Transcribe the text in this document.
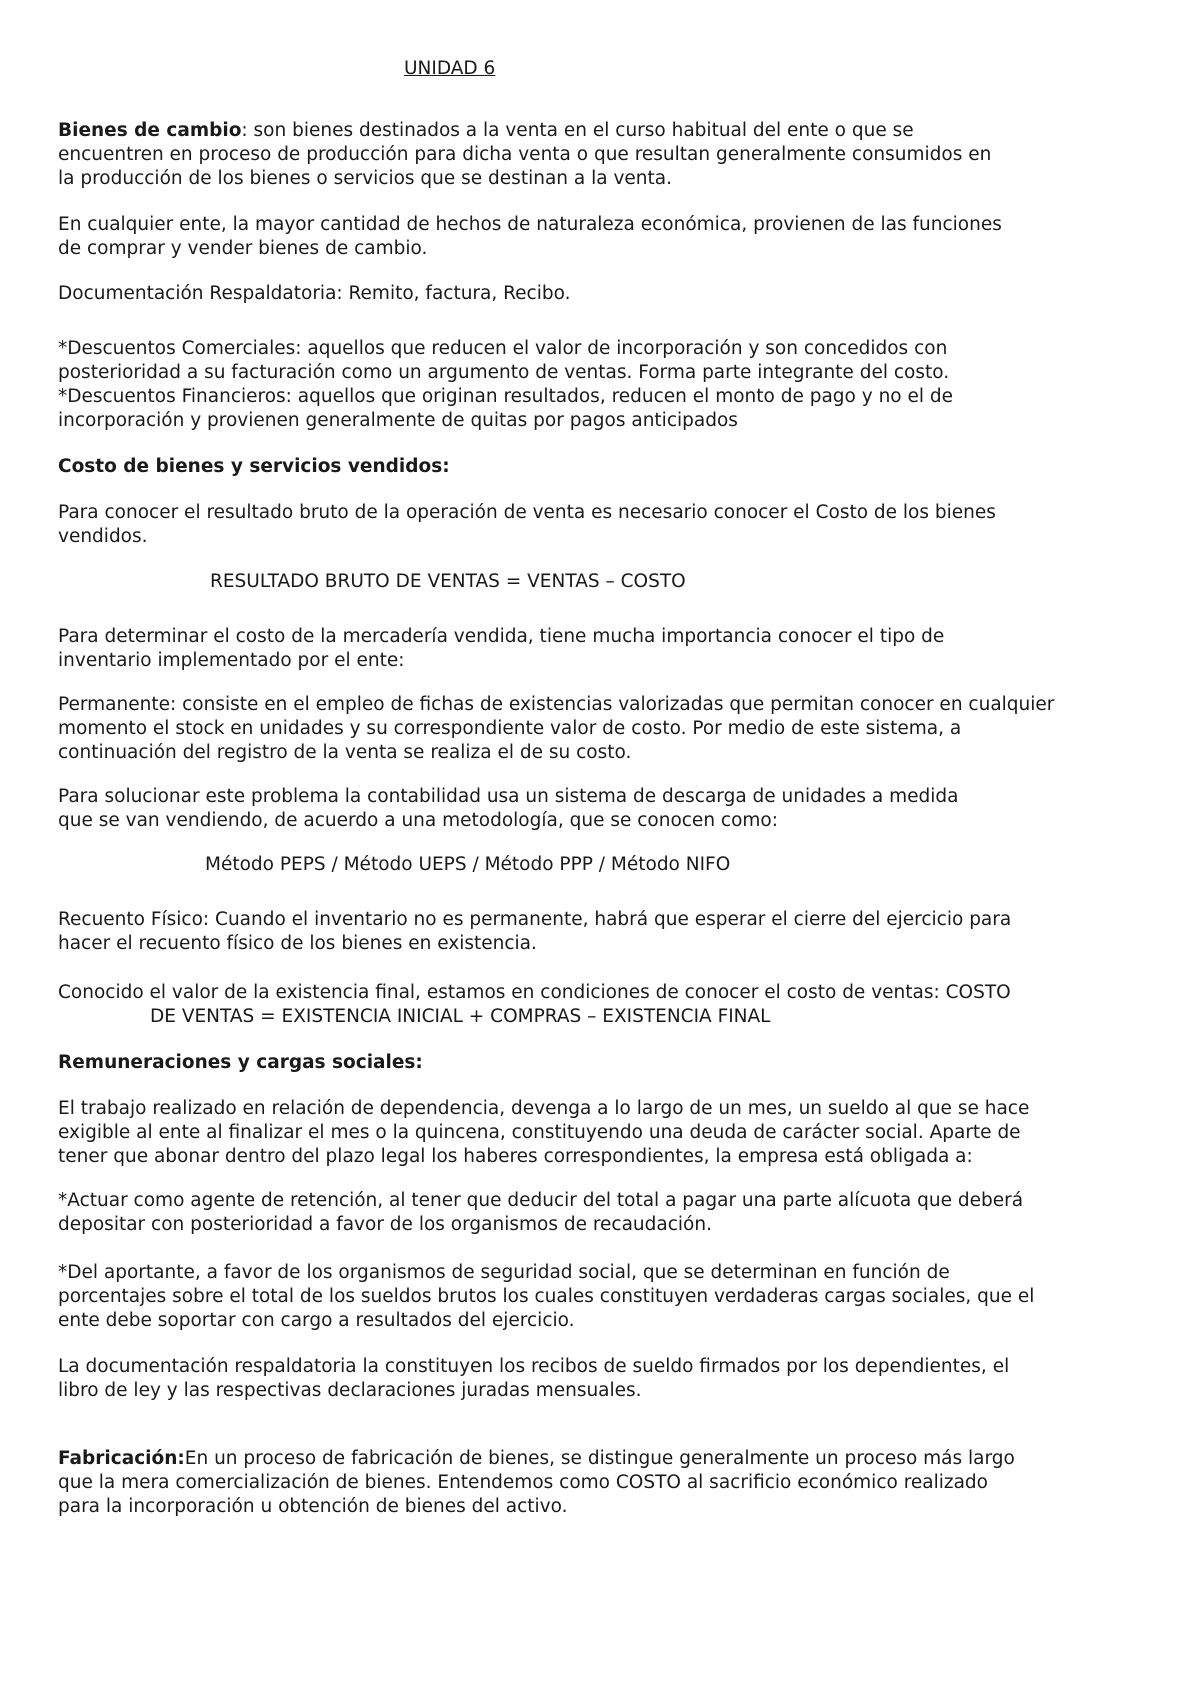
UNIDAD 6
Bienes de cambio: son bienes destinados a la venta en el curso habitual del ente o que se
encuentren en proceso de producción para dicha venta o que resultan generalmente consumidos en
la producción de los bienes o servicios que se destinan a la venta.
En cualquier ente, la mayor cantidad de hechos de naturaleza económica, provienen de las funciones
de comprar y vender bienes de cambio.
Documentación Respaldatoria: Remito, factura, Recibo.
*Descuentos Comerciales: aquellos que reducen el valor de incorporación y son concedidos con
posterioridad a su facturación como un argumento de ventas. Forma parte integrante del costo.
*Descuentos Financieros: aquellos que originan resultados, reducen el monto de pago y no el de
incorporación y provienen generalmente de quitas por pagos anticipados
Costo de bienes y servicios vendidos:
Para conocer el resultado bruto de la operación de venta es necesario conocer el Costo de los bienes
vendidos.
RESULTADO BRUTO DE VENTAS = VENTAS – COSTO
Para determinar el costo de la mercadería vendida, tiene mucha importancia conocer el tipo de
inventario implementado por el ente:
Permanente: consiste en el empleo de fichas de existencias valorizadas que permitan conocer en cualquier
momento el stock en unidades y su correspondiente valor de costo. Por medio de este sistema, a
continuación del registro de la venta se realiza el de su costo.
Para solucionar este problema la contabilidad usa un sistema de descarga de unidades a medida
que se van vendiendo, de acuerdo a una metodología, que se conocen como:
Método PEPS / Método UEPS / Método PPP / Método NIFO
Recuento Físico: Cuando el inventario no es permanente, habrá que esperar el cierre del ejercicio para
hacer el recuento físico de los bienes en existencia.
Conocido el valor de la existencia final, estamos en condiciones de conocer el costo de ventas: COSTO
DE VENTAS = EXISTENCIA INICIAL + COMPRAS – EXISTENCIA FINAL
Remuneraciones y cargas sociales:
El trabajo realizado en relación de dependencia, devenga a lo largo de un mes, un sueldo al que se hace
exigible al ente al finalizar el mes o la quincena, constituyendo una deuda de carácter social. Aparte de
tener que abonar dentro del plazo legal los haberes correspondientes, la empresa está obligada a:
*Actuar como agente de retención, al tener que deducir del total a pagar una parte alícuota que deberá
depositar con posterioridad a favor de los organismos de recaudación.
*Del aportante, a favor de los organismos de seguridad social, que se determinan en función de
porcentajes sobre el total de los sueldos brutos los cuales constituyen verdaderas cargas sociales, que el
ente debe soportar con cargo a resultados del ejercicio.
La documentación respaldatoria la constituyen los recibos de sueldo firmados por los dependientes, el
libro de ley y las respectivas declaraciones juradas mensuales.
Fabricación:En un proceso de fabricación de bienes, se distingue generalmente un proceso más largo
que la mera comercialización de bienes. Entendemos como COSTO al sacrificio económico realizado
para la incorporación u obtención de bienes del activo.
